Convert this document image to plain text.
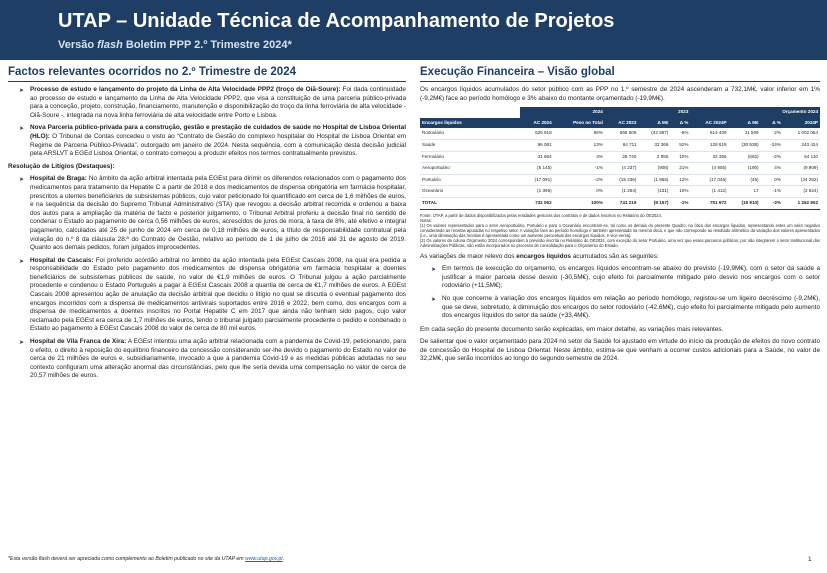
UTAP – Unidade Técnica de Acompanhamento de Projetos
Versão flash Boletim PPP 2.º Trimestre 2024*
Factos relevantes ocorridos no 2.º Trimestre de 2024	Execução Financeira – Visão global
➤ Processo de estudo e lançamento do projeto da Linha de Alta Velocidade PPP2 (troço de Oiã-Soure): Foi dada continuidade ao processo de estudo e lançamento da Linha de Alta Velocidade PPP2, que visa a constituição de uma parceria público-privada para a conceção, projeto, construção, financiamento, manutenção e disponibilização do troço da linha ferroviária de alta velocidade - Oiã-Soure -, integrada na nova linha ferroviária de alta velocidade entre Porto e Lisboa.
➤ Nova Parceria público-privada para a construção, gestão e prestação de cuidados de saúde no Hospital de Lisboa Oriental (HLO): O Tribunal de Contas concedeu o visto ao “Contrato de Gestão do complexo hospitalar do Hospital de Lisboa Oriental em Regime de Parceria Público-Privada”, outorgado em janeiro de 2024. Nesta sequência, com a comunicação desta decisão judicial pela ARSLVT à EGEd Lisboa Oriental, o contrato começou a produzir efeitos nos termos contratualmente previstos.
Resolução de Litígios (Destaques):
➤ Hospital de Braga: No âmbito da ação arbitral intentada pela EGEst para dirimir os diferendos relacionados com o pagamento dos medicamentos para tratamento da Hepatite C a partir de 2018 e dos medicamentos de dispensa obrigatória em farmácia hospitalar, prescritos a utentes beneficiários de subsistemas públicos, cujo valor peticionado foi quantificado em cerca de 1,6 milhões de euros, e na sequência da decisão do Supremo Tribunal Administrativo (STA) que revogou a decisão arbitral recorrida e ordenou a baixa dos autos para a ampliação da matéria de facto e posterior julgamento, o Tribunal Arbitral proferiu a decisão final no sentido de condenar o Estado ao pagamento de cerca 0,56 milhões de euros, acrescidos de juros de mora, à taxa de 8%, até efetivo e integral pagamento, calculados até 25 de junho de 2024 em cerca de 0,18 milhões de euros, a título de responsabilidade contratual pela violação do n.º 8 da cláusula 28.ª do Contrato de Gestão, relativo ao período de 1 de julho de 2016 até 31 de agosto de 2019. Quanto aos demais pedidos, foram julgados improcedentes.
➤ Hospital de Cascais: Foi proferido acórdão arbitral no âmbito da ação intentada pela EGEst Cascais 2008, na qual era pedida a responsabilidade do Estado pelo pagamento dos medicamentos de dispensa obrigatória em farmácia hospitalar a doentes beneficiários de subsistemas públicos de saúde, no valor de €1,9 milhões de euros. O Tribunal julgou a ação parcialmente procedente e condenou o Estado Português a pagar à EGEst Cascais 2008 a quantia de cerca de €1,7 milhões de euros. A EGEst Cascais 2008 apresentou ação de anulação da decisão arbitral que decidiu o litígio no qual se discutia o eventual pagamento dos encargos incorridos com a dispensa de medicamentos antivirais suportados entre 2016 e 2022, bem como, dos encargos com a dispensa de medicamentos a doentes inscritos no Portal Hepatite C em 2017 que ainda não tenham sido pagos, cujo valor reclamado pela EGEst era cerca de 1,7 milhões de euros, tendo o tribunal julgado parcialmente procedente o pedido e condenado o Estado ao pagamento à EGEst Cascais 2008 do valor de cerca de 80 mil euros.
➤ Hospital de Vila Franca de Xira: A EGEst intentou uma ação arbitral relacionada com a pandemia de Covid-19, peticionando, para o efeito, o direito à reposição do equilíbrio financeiro da concessão considerando ser-lhe devido o pagamento do Estado no valor de cerca de 21 milhões de euros e, subsidiariamente, invocado a que a pandemia Covid-19 e as medidas públicas adotadas no seu contexto configuram uma alteração anormal das circunstâncias, pelo que lhe seria devida uma compensação no valor de cerca de 20,57 milhões de euros.
Os encargos líquidos acumulados do setor público com as PPP no 1.º semestre de 2024 ascenderam a 732,1M€, valor inferior em 1% (-9,2M€) face ao período homólogo e 3% abaixo do montante orçamentado (-19,9M€).
Valores em milhares de euros	2024		2023			Orçamento 2024			
Encargos líquidos	AC 2024	Peso no Total	AC 2023	Δ M€	Δ %	AC 2024P	Δ M€	Δ %	2024P
Rodoviário	625 918	86%	668 505	(42 587)	-6%	614 409	11 509	2%	1 002 054
Saúde	98 081	13%	64 711	33 369	52%	128 619	(30 538)	-24%	243 424
Ferroviário	31 694	4%	28 740	2 955	10%	32 356	(662)	-2%	64 110
Aeroportuário	(5 145)	-1%	(4 237)	(908)	21%	(4 955)	(190)	4%	(9 909)
Portuário	(17 091)	-2%	(15 236)	(1 855)	12%	(17 046)	(45)	0%	(34 252)
Oceanário	(1 395)	0%	(1 264)	(131)	10%	(1 412)	17	-1%	(2 824)
TOTAL	732 062	100%	741 219	(9 157)	-1%	751 972	(19 910)	-3%	1 262 602
Fonte: UTAP, a partir de dados disponibilizados pelas entidades gestoras dos contratos e de dados inscritos no Relatório do OE2024.
Notas:
(1) Os valores representados para o setor Aeroportuário, Portuário e para o Oceanário encontram-se, tal como os demais do presente Quadro, na ótica dos encargos líquidos, representando estes um valor negativo considerando as receitas apuradas no respetivo setor. A variação face ao período homólogo é também apresentada na mesma ótica, e que não corresponde ao resultado aritmético da variação dos valores apresentados (i.e., uma diminuição das receitas é apresentada como um aumento percentual dos encargos líquidos, e vice-versa).
(2) Os valores da coluna Orçamento 2024 correspondem à previsão inscrita no Relatório do OE2024, com exceção do setor Portuário, uma vez que esses parceiros públicos, por não integrarem o setor Institucional das Administrações Públicas, não estão incorporados no processo de consolidação para o Orçamento do Estado.
As variações de maior relevo dos encargos líquidos acumulados são as seguintes:
➤ Em termos de execução do orçamento, os encargos líquidos encontram-se abaixo do previsto (-19,9M€), com o setor da saúde a justificar a maior parcela desse desvio (-30,5M€), cujo efeito foi parcialmente mitigado pelo desvio nos encargos com o setor rodoviário (+11,5M€);
➤ No que concerne à variação dos encargos líquidos em relação ao período homólogo, registou-se um ligeiro decréscimo (-9,2M€), que se deve, sobretudo, à diminuição dos encargos do setor rodoviário (-42,6M€), cujo efeito foi parcialmente mitigado pelo aumento dos encargos líquidos do setor da saúde (+33,4M€).
Em cada seção do presente documento serão explicadas, em maior detalhe, as variações mais relevantes.
De salientar que o valor orçamentado para 2024 no setor da Saúde foi ajustado em virtude do início da produção de efeitos do novo contrato de concessão do Hospital de Lisboa Oriental. Neste âmbito, estima-se que venham a ocorrer custos adicionais para a Saúde, no valor de 32,2M€, que serão incorridos ao longo do segundo semestre de 2024.
*Esta versão flash deverá ser apreciada como complemento ao Boletim publicado no site da UTAP em www.utap.gov.pt.	1
